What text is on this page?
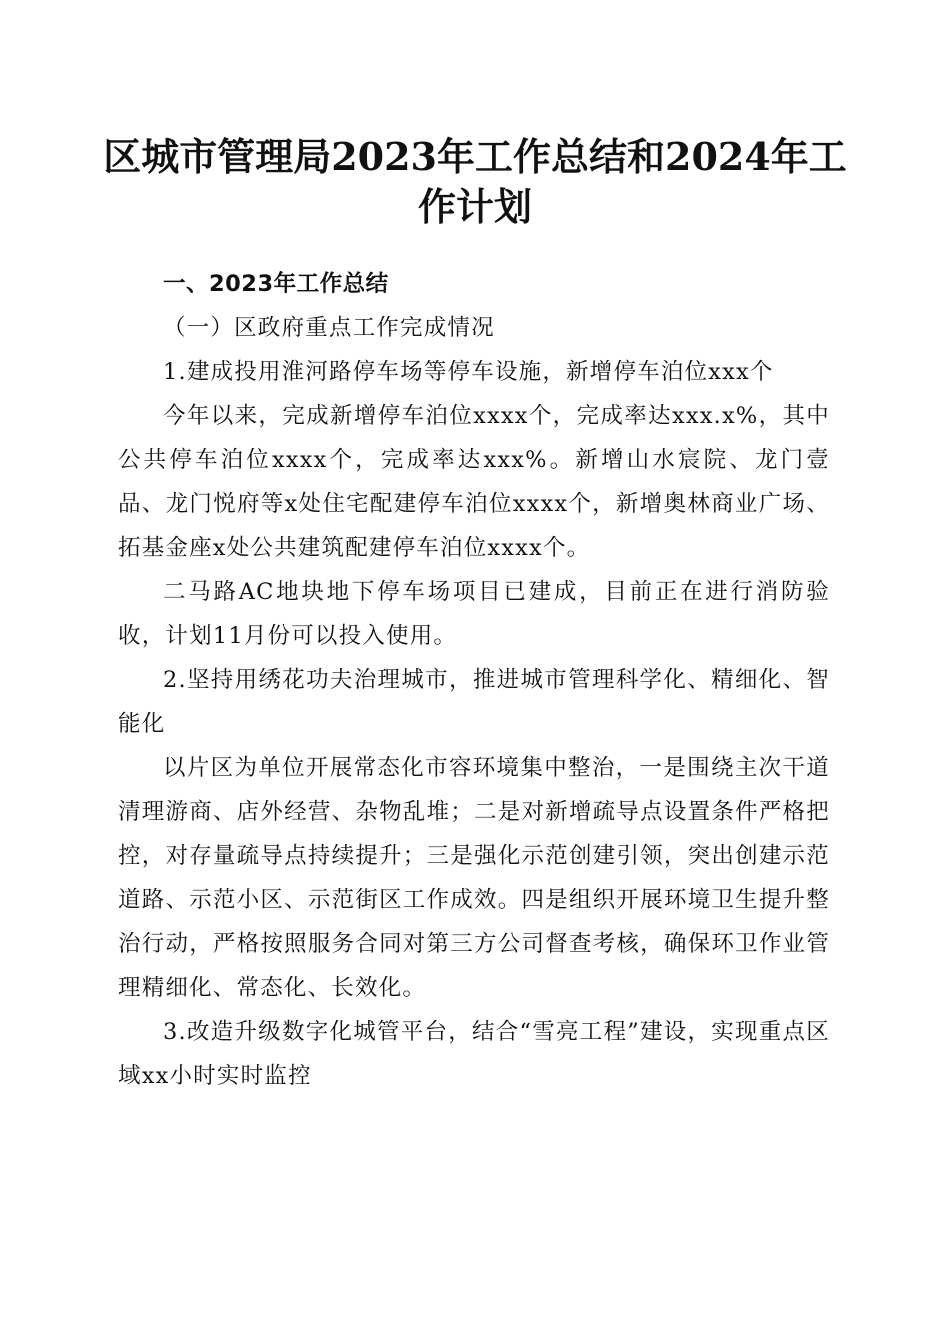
区城市管理局2023年工作总结和2024年工作计划

一、2023年工作总结

（一）区政府重点工作完成情况

1.建成投用淮河路停车场等停车设施，新增停车泊位xxx个

今年以来，完成新增停车泊位xxxx个，完成率达xxx.x%，其中公共停车泊位xxxx个，完成率达xxx%。新增山水宸院、龙门壹品、龙门悦府等x处住宅配建停车泊位xxxx个，新增奥林商业广场、拓基金座x处公共建筑配建停车泊位xxxx个。

二马路AC地块地下停车场项目已建成，目前正在进行消防验收，计划11月份可以投入使用。

2.坚持用绣花功夫治理城市，推进城市管理科学化、精细化、智能化

以片区为单位开展常态化市容环境集中整治，一是围绕主次干道清理游商、店外经营、杂物乱堆；二是对新增疏导点设置条件严格把控，对存量疏导点持续提升；三是强化示范创建引领，突出创建示范道路、示范小区、示范街区工作成效。四是组织开展环境卫生提升整治行动，严格按照服务合同对第三方公司督查考核，确保环卫作业管理精细化、常态化、长效化。

3.改造升级数字化城管平台，结合“雪亮工程”建设，实现重点区域xx小时实时监控
